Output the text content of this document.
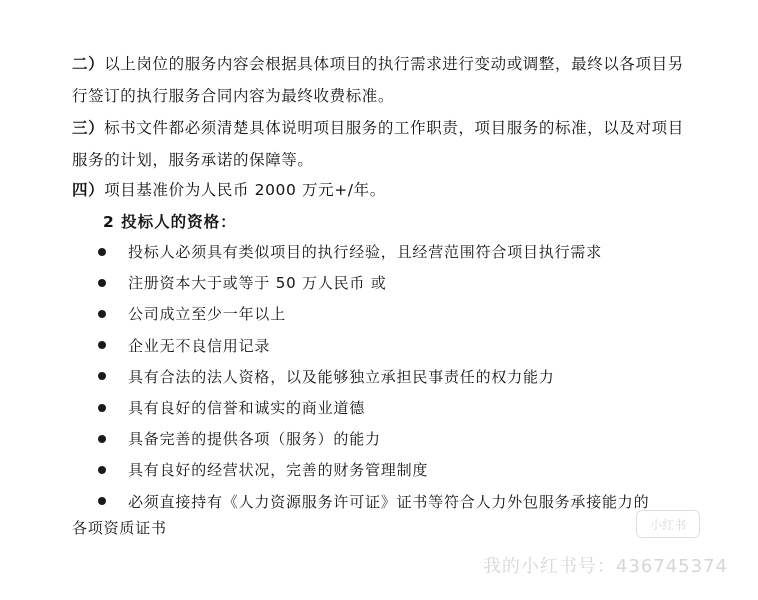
二）以上岗位的服务内容会根据具体项目的执行需求进行变动或调整，最终以各项目另行签订的执行服务合同内容为最终收费标准。
三）标书文件都必须清楚具体说明项目服务的工作职责，项目服务的标准，以及对项目服务的计划，服务承诺的保障等。
四）项目基准价为人民币 2000 万元+/年。
2 投标人的资格：
投标人必须具有类似项目的执行经验，且经营范围符合项目执行需求
注册资本大于或等于 50 万人民币 或
公司成立至少一年以上
企业无不良信用记录
具有合法的法人资格，以及能够独立承担民事责任的权力能力
具有良好的信誉和诚实的商业道德
具备完善的提供各项（服务）的能力
具有良好的经营状况，完善的财务管理制度
必须直接持有《人力资源服务许可证》证书等符合人力外包服务承接能力的
各项资质证书	小红书
我的小红书号：436745374
